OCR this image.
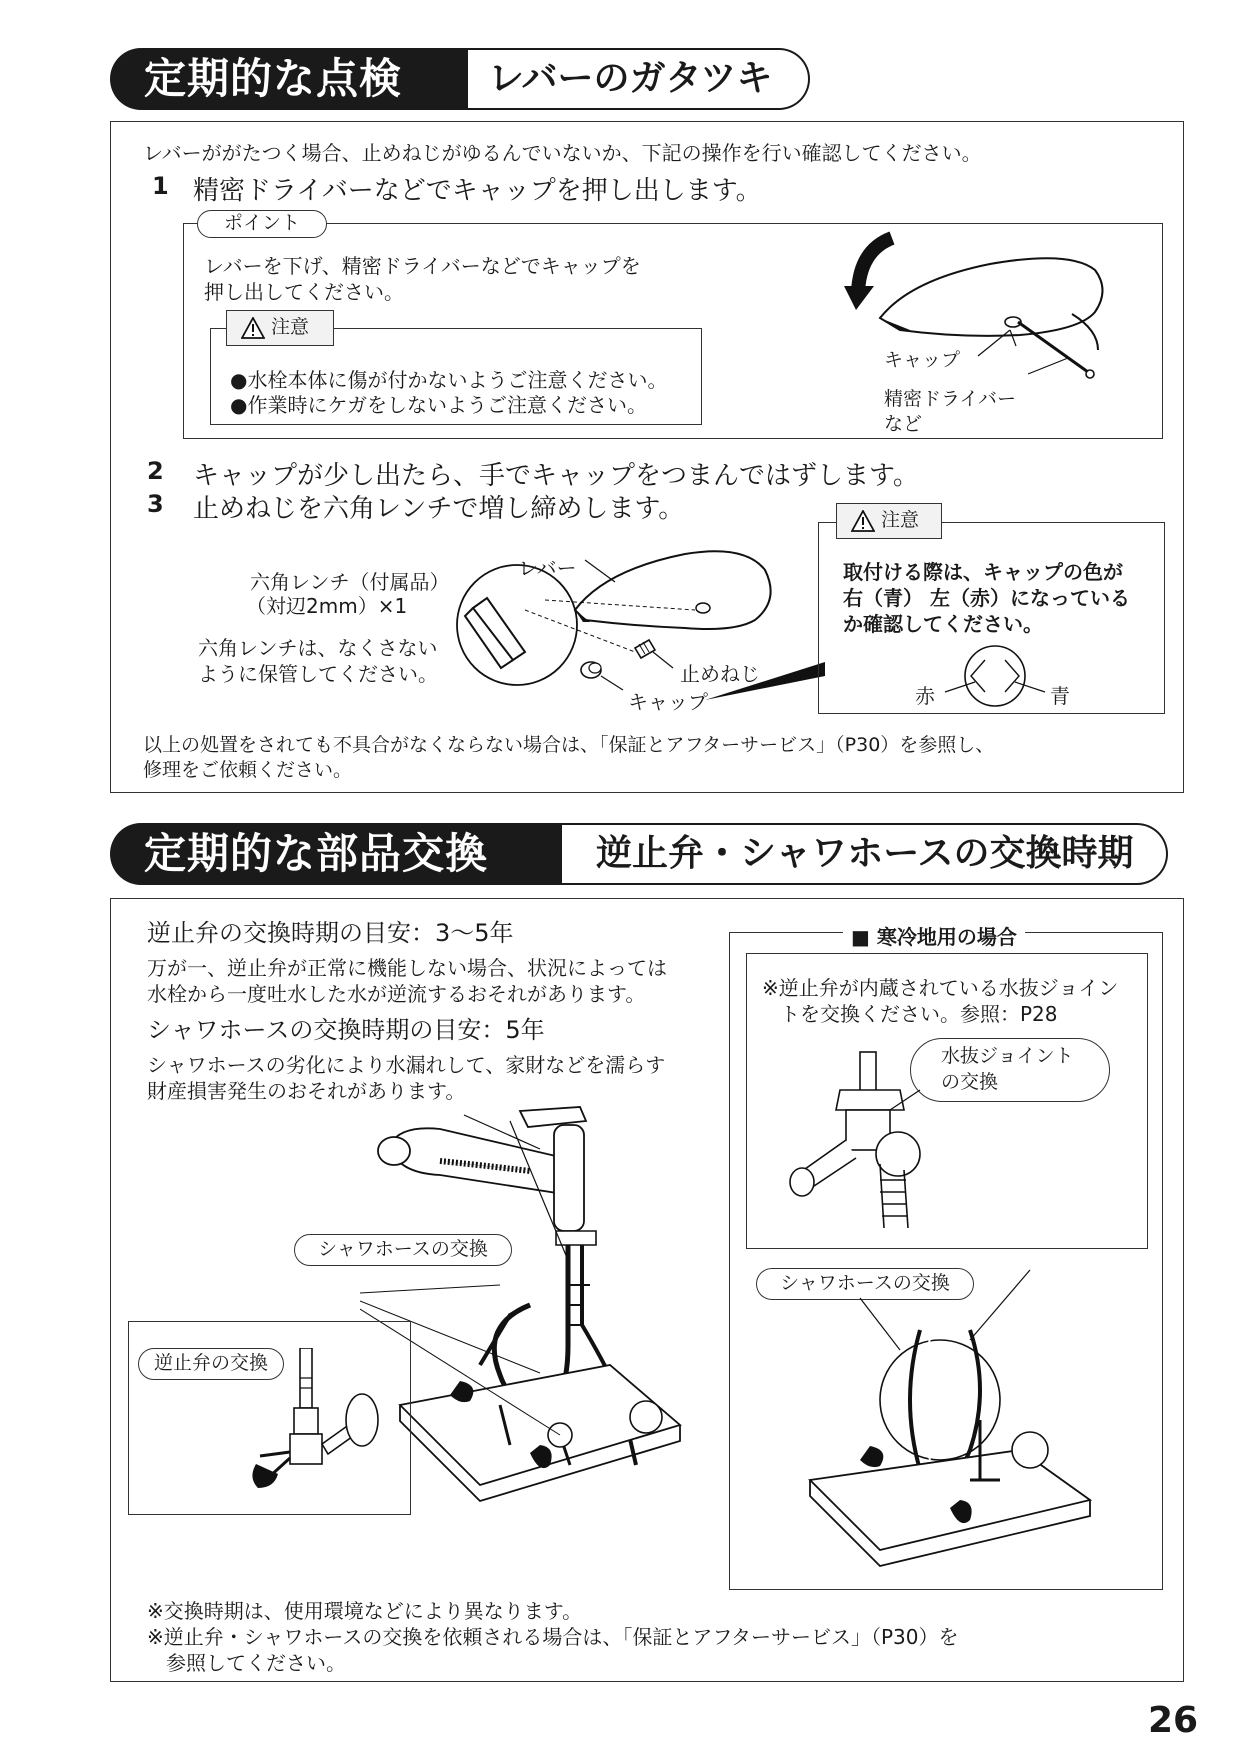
定期的な点検	レバーのガタツキ
レバーががたつく場合、止めねじがゆるんでいないか、下記の操作を行い確認してください。
1 精密ドライバーなどでキャップを押し出します。
ポイント
レバーを下げ、精密ドライバーなどでキャップを
押し出してください。
注意
●水栓本体に傷が付かないようご注意ください。
●作業時にケガをしないようご注意ください。
キャップ
精密ドライバー
など
2 キャップが少し出たら、手でキャップをつまんではずします。
3 止めねじを六角レンチで増し締めします。
六角レンチ（付属品）
（対辺2mm）×1
六角レンチは、なくさない
ように保管してください。
レバー
止めねじ
キャップ
注意
取付ける際は、キャップの色が
右（青） 左（赤）になっている
か確認してください。
赤	青
以上の処置をされても不具合がなくならない場合は、「保証とアフターサービス」（P30）を参照し、
修理をご依頼ください。
定期的な部品交換	逆止弁・シャワホースの交換時期
逆止弁の交換時期の目安：3～5年
万が一、逆止弁が正常に機能しない場合、状況によっては
水栓から一度吐水した水が逆流するおそれがあります。
シャワホースの交換時期の目安：5年
シャワホースの劣化により水漏れして、家財などを濡らす
財産損害発生のおそれがあります。
■ 寒冷地用の場合
※逆止弁が内蔵されている水抜ジョイン
トを交換ください。参照：P28
水抜ジョイント
の交換
シャワホースの交換
シャワホースの交換
逆止弁の交換
※交換時期は、使用環境などにより異なります。
※逆止弁・シャワホースの交換を依頼される場合は、「保証とアフターサービス」（P30）を
参照してください。
26
